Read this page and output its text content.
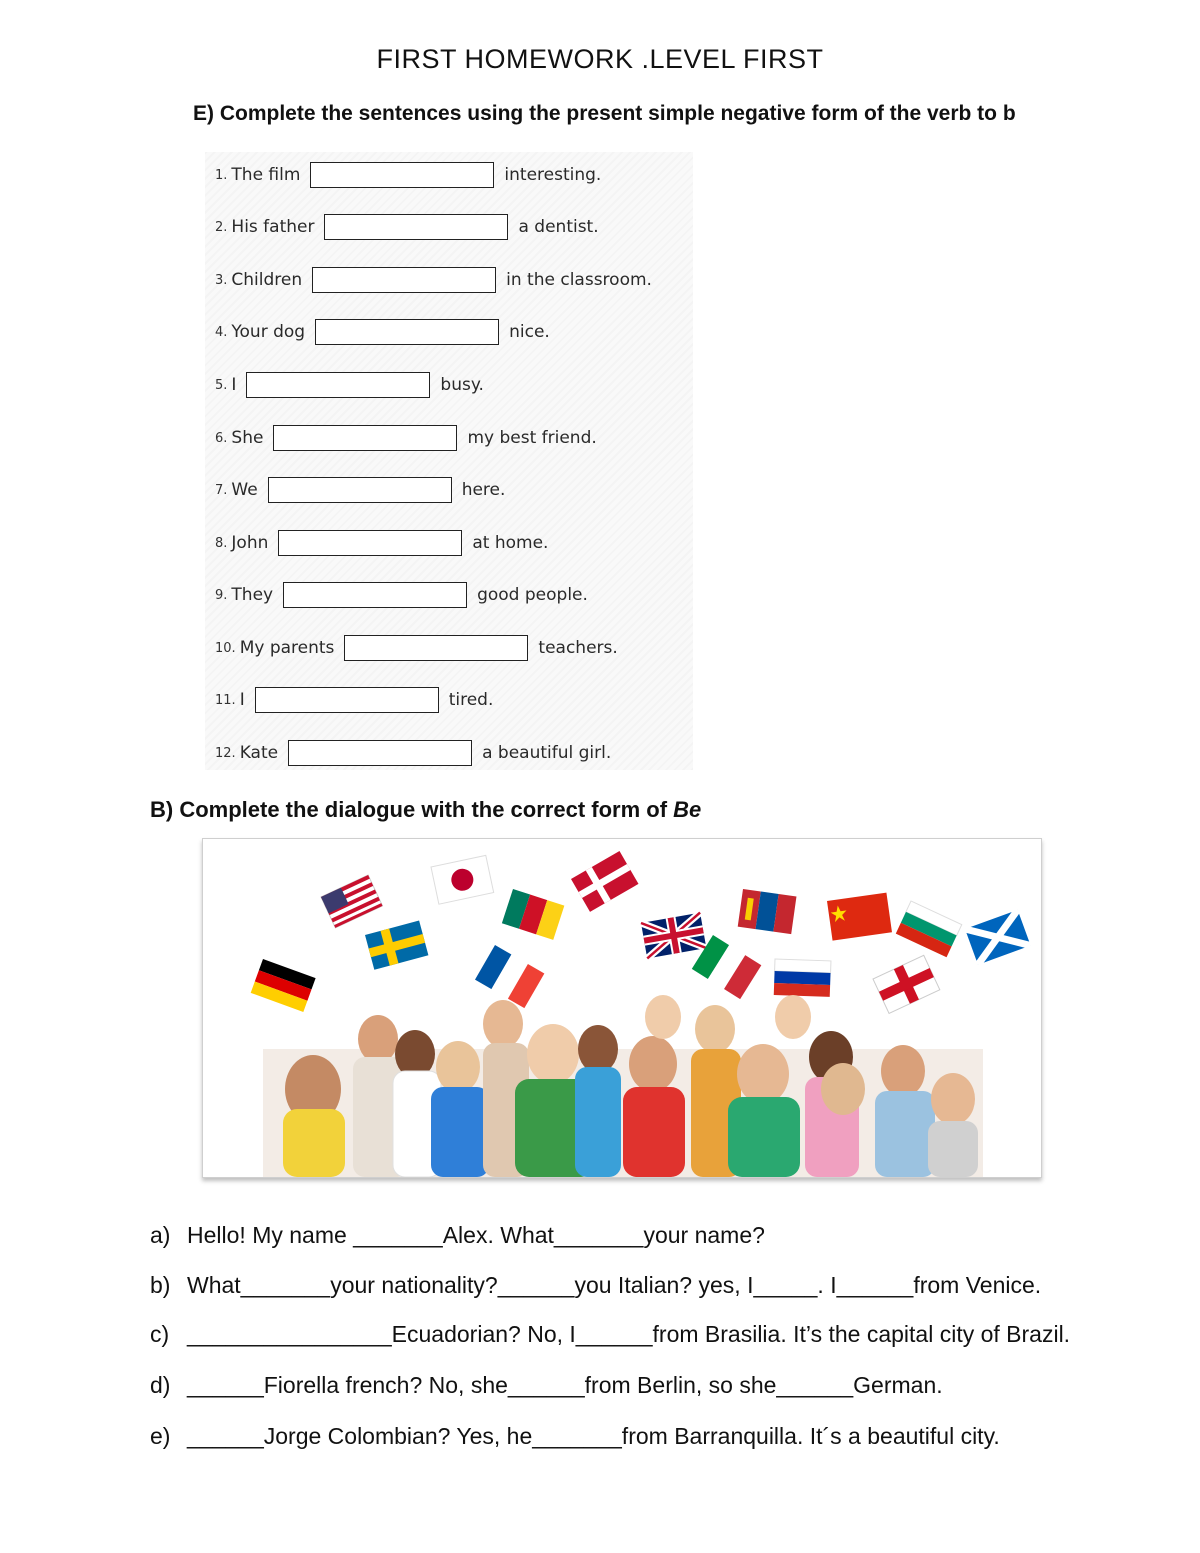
FIRST HOMEWORK .LEVEL FIRST
E) Complete the sentences using the present simple negative form of the verb to b
1. The film	interesting.
2. His father	a dentist.
3. Children	in the classroom.
4. Your dog	nice.
5. I	busy.
6. She	my best friend.
7. We	here.
8. John	at home.
9. They	good people.
10. My parents	teachers.
11. I	tired.
12. Kate	a beautiful girl.
B) Complete the dialogue with the correct form of Be
a) Hello! My name _______Alex. What_______your name?
b) What_______your nationality?______you Italian? yes, I_____. I______from Venice.
c) ________________Ecuadorian? No, I______from Brasilia. It’s the capital city of Brazil.
d) ______Fiorella french? No, she______from Berlin, so she______German.
e) ______Jorge Colombian? Yes, he_______from Barranquilla. It´s a beautiful city.
